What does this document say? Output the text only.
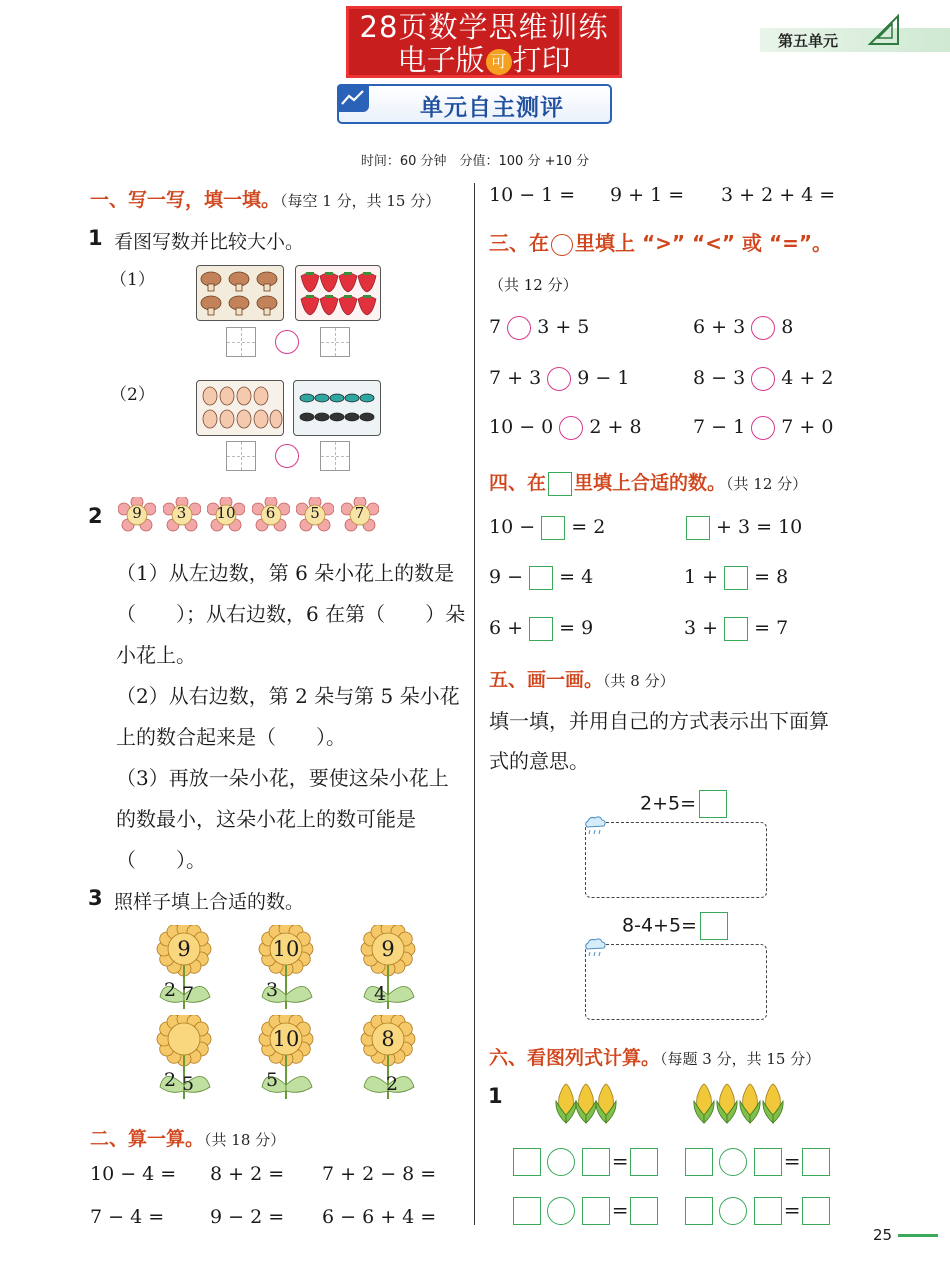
28页数学思维训练
电子版 可 打印
第五单元
单元自主测评
时间：60 分钟　分值：100 分 +10 分
一、写一写，填一填。（每空 1 分，共 15 分）
1 看图写数并比较大小。
（1）
（2）
2	9	3	10	6	5	7
（1）从左边数，第 6 朵小花上的数是
（　　）；从右边数，6 在第（　　）朵
小花上。
（2）从右边数，第 2 朵与第 5 朵小花
上的数合起来是（　　）。
（3）再放一朵小花，要使这朵小花上
的数最小，这朵小花上的数可能是
（　　）。
3 照样子填上合适的数。
9
2 7
10
3
9
2 5
10
5
8
2
4
二、算一算。（共 18 分）
10 − 4 = 8 + 2 = 7 + 2 − 8 =
7 − 4 = 9 − 2 = 6 − 6 + 4 =
10 − 1 = 9 + 1 = 3 + 2 + 4 =
三、在 里填上 “>” “<” 或 “=”。
（共 12 分）
7 3 + 5	6 + 3 8
7 + 3 9 − 1	8 − 3 4 + 2
10 − 0 2 + 8	7 − 1 7 + 0
四、在 里填上合适的数。（共 12 分）
10 − = 2	+ 3 = 10
9 − = 4	1 + = 8
6 + = 9	3 + = 7
五、画一画。（共 8 分）
填一填，并用自己的方式表示出下面算
式的意思。
2+5=
8-4+5=
六、看图列式计算。（每题 3 分，共 15 分）
1
=	=
=	=
25
